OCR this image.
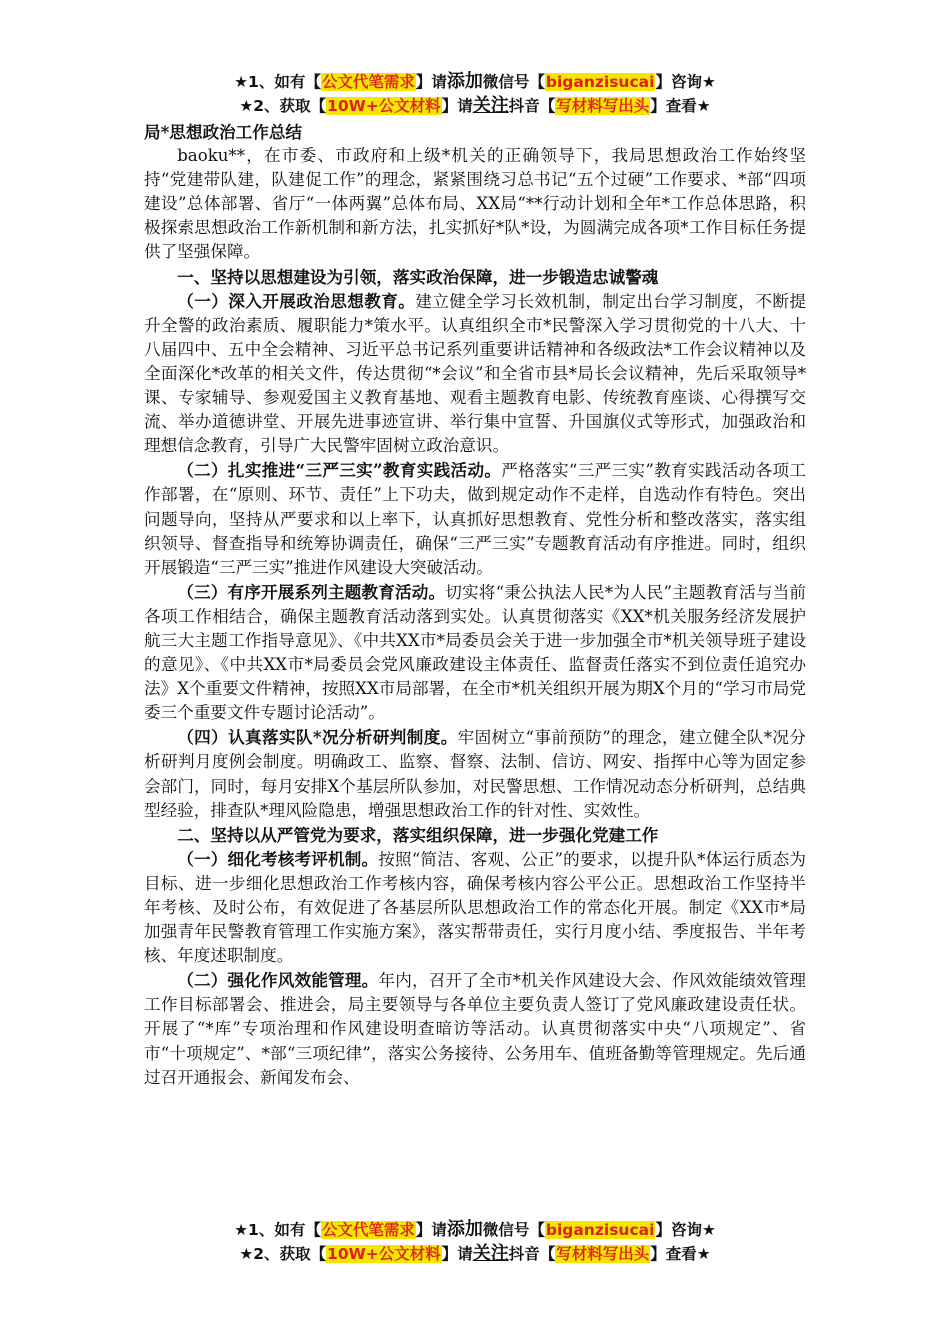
★1、如有【公文代笔需求】请添加微信号【biganzisucai】咨询★
★2、获取【10W+公文材料】请关注抖音【写材料写出头】查看★

局*思想政治工作总结

baoku**，在市委、市政府和上级*机关的正确领导下，我局思想政治工作始终坚持“党建带队建，队建促工作”的理念，紧紧围绕习总书记“五个过硬”工作要求、*部“四项建设”总体部署、省厅“一体两翼”总体布局、XX局“**行动计划和全年*工作总体思路，积极探索思想政治工作新机制和新方法，扎实抓好*队*设，为圆满完成各项*工作目标任务提供了坚强保障。

一、坚持以思想建设为引领，落实政治保障，进一步锻造忠诚警魂

（一）深入开展政治思想教育。建立健全学习长效机制，制定出台学习制度，不断提升全警的政治素质、履职能力*策水平。认真组织全市*民警深入学习贯彻党的十八大、十八届四中、五中全会精神、习近平总书记系列重要讲话精神和各级政法*工作会议精神以及全面深化*改革的相关文件，传达贯彻“*会议”和全省市县*局长会议精神，先后采取领导*课、专家辅导、参观爱国主义教育基地、观看主题教育电影、传统教育座谈、心得撰写交流、举办道德讲堂、开展先进事迹宣讲、举行集中宣誓、升国旗仪式等形式，加强政治和理想信念教育，引导广大民警牢固树立政治意识。

（二）扎实推进“三严三实”教育实践活动。严格落实“三严三实”教育实践活动各项工作部署，在“原则、环节、责任”上下功夫，做到规定动作不走样，自选动作有特色。突出问题导向，坚持从严要求和以上率下，认真抓好思想教育、党性分析和整改落实，落实组织领导、督查指导和统筹协调责任，确保“三严三实”专题教育活动有序推进。同时，组织开展锻造“三严三实”推进作风建设大突破活动。

（三）有序开展系列主题教育活动。切实将“秉公执法人民*为人民”主题教育活与当前各项工作相结合，确保主题教育活动落到实处。认真贯彻落实《XX*机关服务经济发展护航三大主题工作指导意见》、《中共XX市*局委员会关于进一步加强全市*机关领导班子建设的意见》、《中共XX市*局委员会党风廉政建设主体责任、监督责任落实不到位责任追究办法》X个重要文件精神，按照XX市局部署，在全市*机关组织开展为期X个月的“学习市局党委三个重要文件专题讨论活动”。

（四）认真落实队*况分析研判制度。牢固树立“事前预防”的理念，建立健全队*况分析研判月度例会制度。明确政工、监察、督察、法制、信访、网安、指挥中心等为固定参会部门，同时，每月安排X个基层所队参加，对民警思想、工作情况动态分析研判，总结典型经验，排查队*理风险隐患，增强思想政治工作的针对性、实效性。

二、坚持以从严管党为要求，落实组织保障，进一步强化党建工作

（一）细化考核考评机制。按照“简洁、客观、公正”的要求，以提升队*体运行质态为目标、进一步细化思想政治工作考核内容，确保考核内容公平公正。思想政治工作坚持半年考核、及时公布，有效促进了各基层所队思想政治工作的常态化开展。制定《XX市*局加强青年民警教育管理工作实施方案》，落实帮带责任，实行月度小结、季度报告、半年考核、年度述职制度。

（二）强化作风效能管理。年内，召开了全市*机关作风建设大会、作风效能绩效管理工作目标部署会、推进会，局主要领导与各单位主要负责人签订了党风廉政建设责任状。开展了“*库”专项治理和作风建设明查暗访等活动。认真贯彻落实中央“八项规定”、省市“十项规定”、*部“三项纪律”，落实公务接待、公务用车、值班备勤等管理规定。先后通过召开通报会、新闻发布会、

★1、如有【公文代笔需求】请添加微信号【biganzisucai】咨询★
★2、获取【10W+公文材料】请关注抖音【写材料写出头】查看★
